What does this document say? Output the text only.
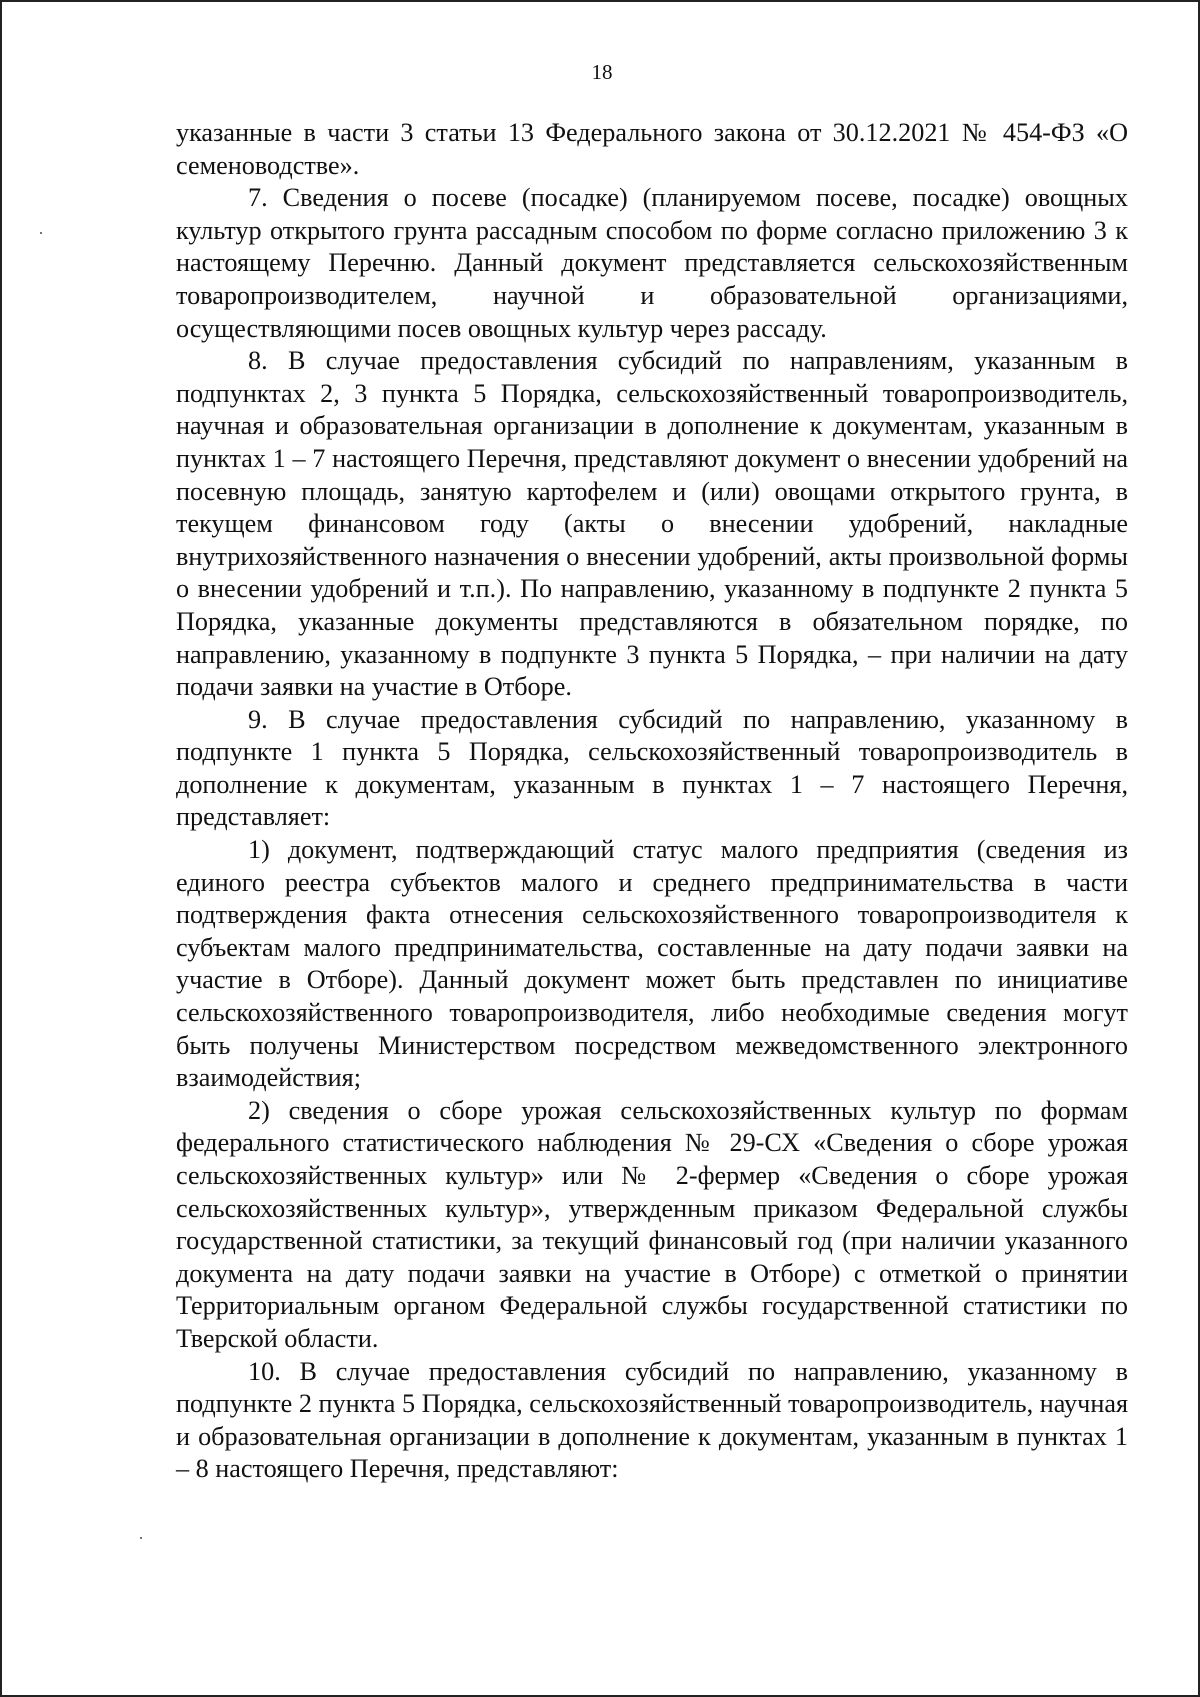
18

указанные в части 3 статьи 13 Федерального закона от 30.12.2021 № 454-ФЗ «О семеноводстве».

7. Сведения о посеве (посадке) (планируемом посеве, посадке) овощных культур открытого грунта рассадным способом по форме согласно приложению 3 к настоящему Перечню. Данный документ представляется сельскохозяйственным товаропроизводителем, научной и образовательной организациями, осуществляющими посев овощных культур через рассаду.

8. В случае предоставления субсидий по направлениям, указанным в подпунктах 2, 3 пункта 5 Порядка, сельскохозяйственный товаропроизводитель, научная и образовательная организации в дополнение к документам, указанным в пунктах 1 – 7 настоящего Перечня, представляют документ о внесении удобрений на посевную площадь, занятую картофелем и (или) овощами открытого грунта, в текущем финансовом году (акты о внесении удобрений, накладные внутрихозяйственного назначения о внесении удобрений, акты произвольной формы о внесении удобрений и т.п.). По направлению, указанному в подпункте 2 пункта 5 Порядка, указанные документы представляются в обязательном порядке, по направлению, указанному в подпункте 3 пункта 5 Порядка, – при наличии на дату подачи заявки на участие в Отборе.

9. В случае предоставления субсидий по направлению, указанному в подпункте 1 пункта 5 Порядка, сельскохозяйственный товаропроизводитель в дополнение к документам, указанным в пунктах 1 – 7 настоящего Перечня, представляет:

1) документ, подтверждающий статус малого предприятия (сведения из единого реестра субъектов малого и среднего предпринимательства в части подтверждения факта отнесения сельскохозяйственного товаропроизводителя к субъектам малого предпринимательства, составленные на дату подачи заявки на участие в Отборе). Данный документ может быть представлен по инициативе сельскохозяйственного товаропроизводителя, либо необходимые сведения могут быть получены Министерством посредством межведомственного электронного взаимодействия;

2) сведения о сборе урожая сельскохозяйственных культур по формам федерального статистического наблюдения № 29-СХ «Сведения о сборе урожая сельскохозяйственных культур» или № 2-фермер «Сведения о сборе урожая сельскохозяйственных культур», утвержденным приказом Федеральной службы государственной статистики, за текущий финансовый год (при наличии указанного документа на дату подачи заявки на участие в Отборе) с отметкой о принятии Территориальным органом Федеральной службы государственной статистики по Тверской области.

10. В случае предоставления субсидий по направлению, указанному в подпункте 2 пункта 5 Порядка, сельскохозяйственный товаропроизводитель, научная и образовательная организации в дополнение к документам, указанным в пунктах 1 – 8 настоящего Перечня, представляют:
